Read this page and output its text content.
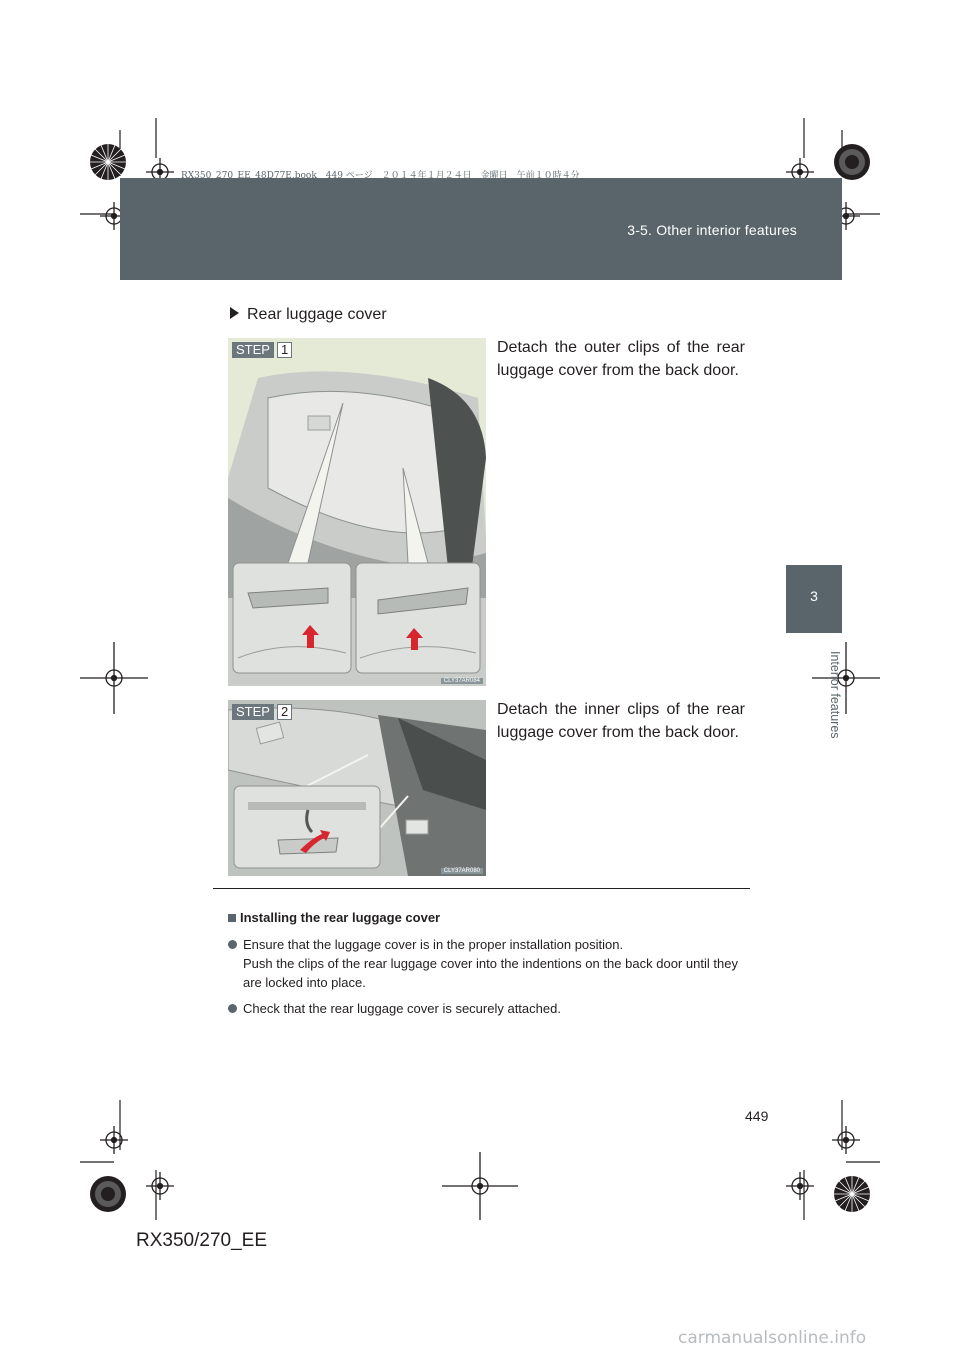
RX350_270_EE_48D77E.book　449 ページ　２０１４年１月２４日　金曜日　午前１０時４分
3-5. Other interior features
3
Interior features
Rear luggage cover
STEP 1
CLY37AR084
Detach the outer clips of the rear luggage cover from the back door.
STEP 2
CLY37AR080
Detach the inner clips of the rear luggage cover from the back door.
Installing the rear luggage cover
Ensure that the luggage cover is in the proper installation position.
Push the clips of the rear luggage cover into the indentions on the back door until they are locked into place.
Check that the rear luggage cover is securely attached.
449
RX350/270_EE
carmanualsonline.info
